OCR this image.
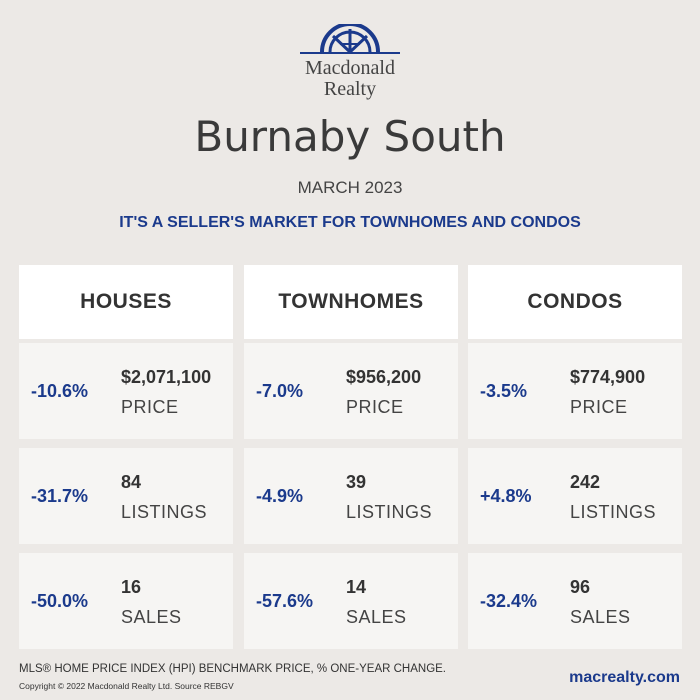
Macdonald
Realty
Burnaby South
MARCH 2023
IT'S A SELLER'S MARKET FOR TOWNHOMES AND CONDOS
HOUSES
-10.6%
$2,071,100
PRICE
-31.7%
84
LISTINGS
-50.0%
16
SALES
TOWNHOMES
-7.0%
$956,200
PRICE
-4.9%
39
LISTINGS
-57.6%
14
SALES
CONDOS
-3.5%
$774,900
PRICE
+4.8%
242
LISTINGS
-32.4%
96
SALES
MLS® HOME PRICE INDEX (HPI) BENCHMARK PRICE, % ONE-YEAR CHANGE.
Copyright © 2022 Macdonald Realty Ltd. Source REBGV	macrealty.com
